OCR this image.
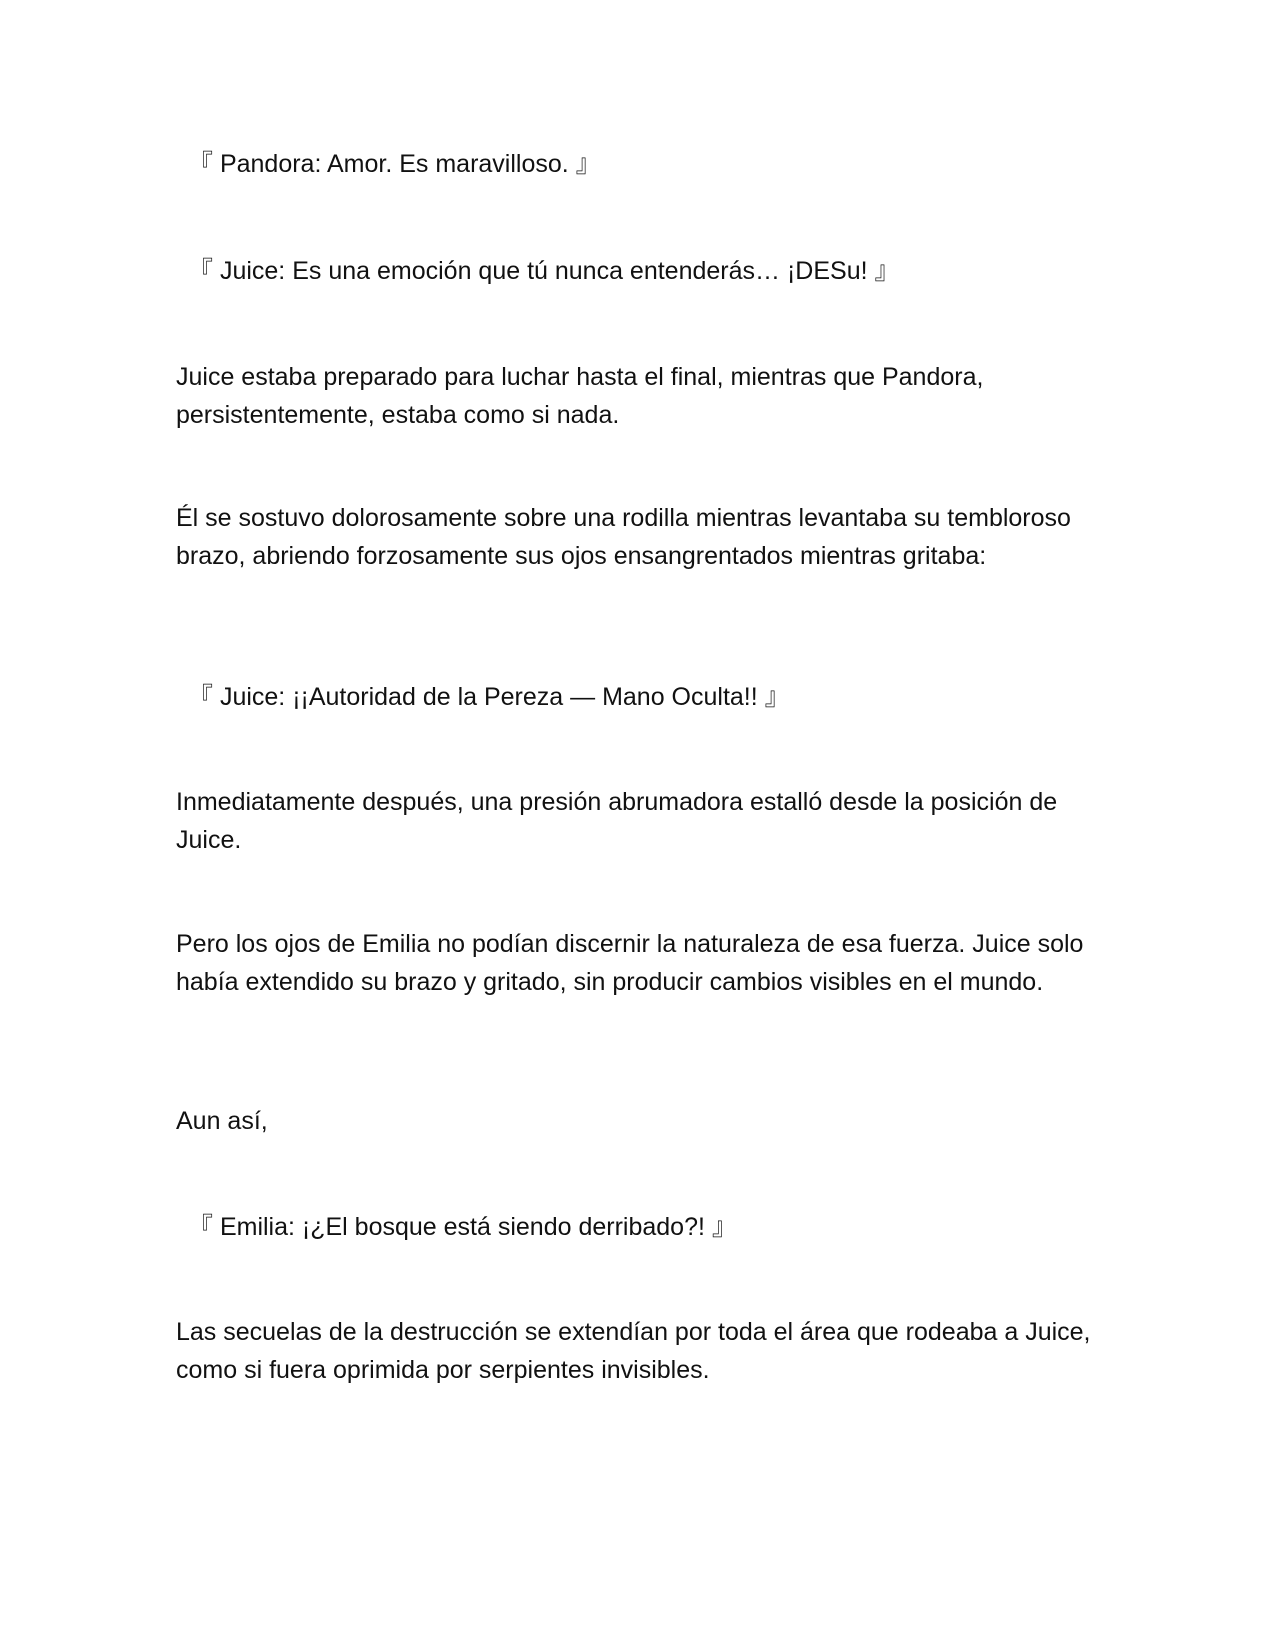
『 Pandora: Amor. Es maravilloso. 』

『 Juice: Es una emoción que tú nunca entenderás… ¡DESu! 』

Juice estaba preparado para luchar hasta el final, mientras que Pandora, persistentemente, estaba como si nada.

Él se sostuvo dolorosamente sobre una rodilla mientras levantaba su tembloroso brazo, abriendo forzosamente sus ojos ensangrentados mientras gritaba:

『 Juice: ¡¡Autoridad de la Pereza — Mano Oculta!! 』

Inmediatamente después, una presión abrumadora estalló desde la posición de Juice.

Pero los ojos de Emilia no podían discernir la naturaleza de esa fuerza. Juice solo había extendido su brazo y gritado, sin producir cambios visibles en el mundo.

Aun así,

『 Emilia: ¡¿El bosque está siendo derribado?! 』

Las secuelas de la destrucción se extendían por toda el área que rodeaba a Juice, como si fuera oprimida por serpientes invisibles.
